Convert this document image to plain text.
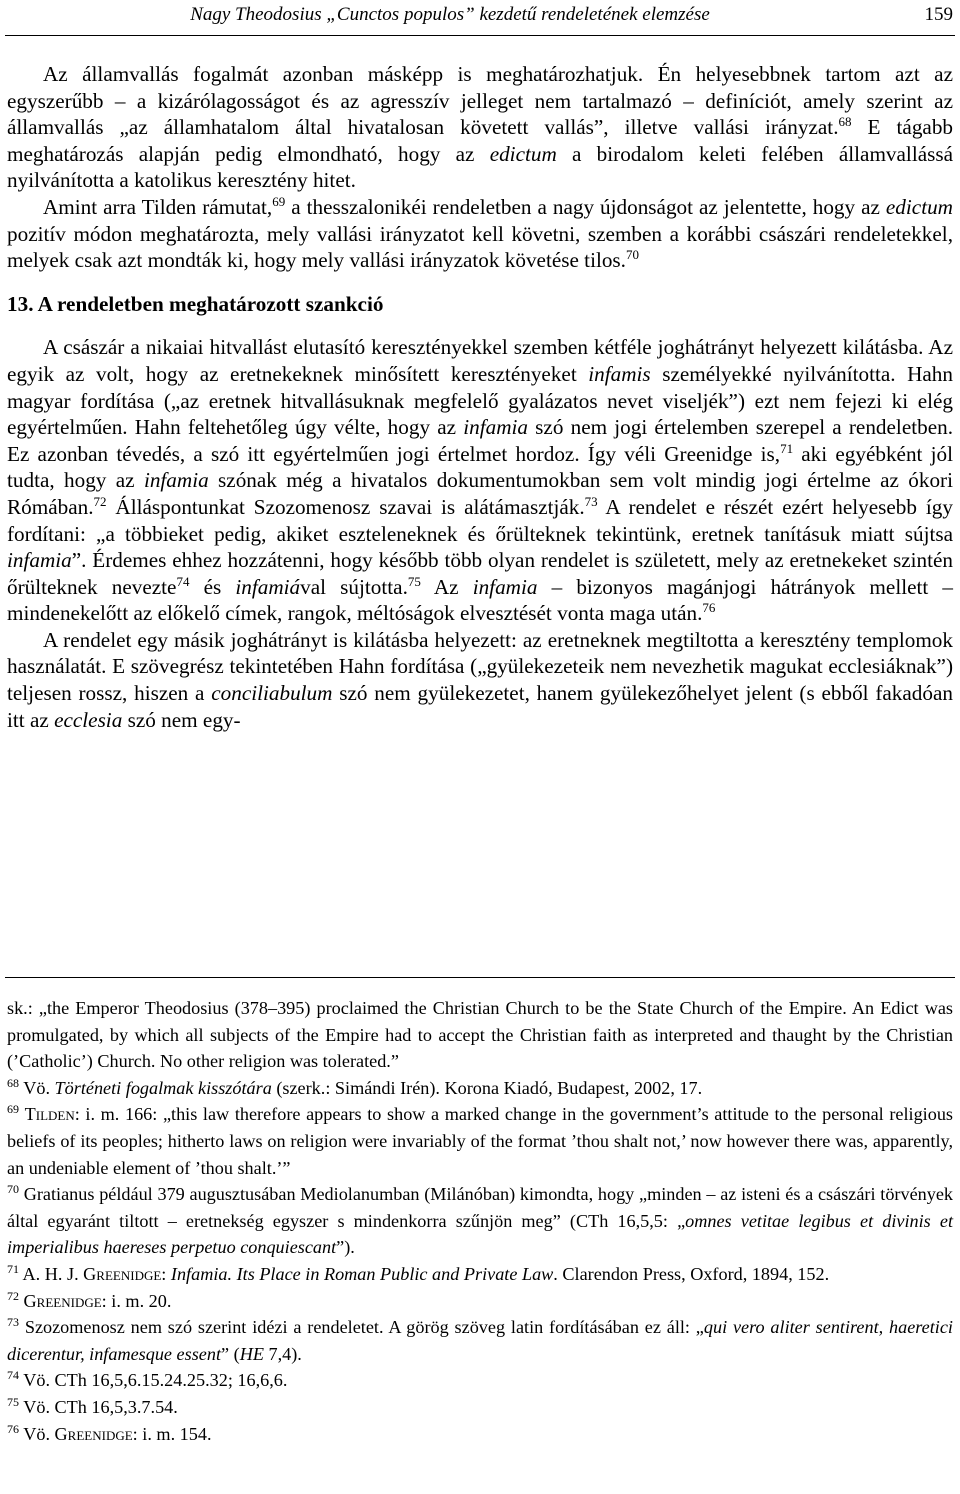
Nagy Theodosius „Cunctos populos” kezdetű rendeletének elemzése	159

Az államvallás fogalmát azonban másképp is meghatározhatjuk. Én helyesebbnek tartom azt az egyszerűbb – a kizárólagosságot és az agresszív jelleget nem tartalmazó – definíciót, amely szerint az államvallás „az államhatalom által hivatalosan követett vallás”, illetve vallási irányzat.$^{68}$ E tágabb meghatározás alapján pedig elmondható, hogy az edictum a birodalom keleti felében államvallássá nyilvánította a katolikus keresztény hitet.

Amint arra Tilden rámutat,$^{69}$ a thesszalonikéi rendeletben a nagy újdonságot az jelentette, hogy az edictum pozitív módon meghatározta, mely vallási irányzatot kell követni, szemben a korábbi császári rendeletekkel, melyek csak azt mondták ki, hogy mely vallási irányzatok követése tilos.$^{70}$

13. A rendeletben meghatározott szankció

A császár a nikaiai hitvallást elutasító keresztényekkel szemben kétféle joghátrányt helyezett kilátásba. Az egyik az volt, hogy az eretnekeknek minősített keresztényeket infamis személyekké nyilvánította. Hahn magyar fordítása („az eretnek hitvallásuknak megfelelő gyalázatos nevet viseljék”) ezt nem fejezi ki elég egyértelműen. Hahn feltehetőleg úgy vélte, hogy az infamia szó nem jogi értelemben szerepel a rendeletben. Ez azonban tévedés, a szó itt egyértelműen jogi értelmet hordoz. Így véli Greenidge is,$^{71}$ aki egyébként jól tudta, hogy az infamia szónak még a hivatalos dokumentumokban sem volt mindig jogi értelme az ókori Rómában.$^{72}$ Álláspontunkat Szozomenosz szavai is alátámasztják.$^{73}$ A rendelet e részét ezért helyesebb így fordítani: „a többieket pedig, akiket eszteleneknek és őrülteknek tekintünk, eretnek tanításuk miatt sújtsa infamia”. Érdemes ehhez hozzátenni, hogy később több olyan rendelet is született, mely az eretnekeket szintén őrülteknek nevezte$^{74}$ és infamiával sújtotta.$^{75}$ Az infamia – bizonyos magánjogi hátrányok mellett – mindenekelőtt az előkelő címek, rangok, méltóságok elvesztését vonta maga után.$^{76}$

A rendelet egy másik joghátrányt is kilátásba helyezett: az eretneknek megtiltotta a keresztény templomok használatát. E szövegrész tekintetében Hahn fordítása („gyülekezeteik nem nevezhetik magukat ecclesiáknak”) teljesen rossz, hiszen a conciliabulum szó nem gyülekezetet, hanem gyülekezőhelyet jelent (s ebből fakadóan itt az ecclesia szó nem egy-

sk.: „the Emperor Theodosius (378–395) proclaimed the Christian Church to be the State Church of the Empire. An Edict was promulgated, by which all subjects of the Empire had to accept the Christian faith as interpreted and thaught by the Christian (’Catholic’) Church. No other religion was tolerated.”

$^{68}$ Vö. Történeti fogalmak kisszótára (szerk.: Simándi Irén). Korona Kiadó, Budapest, 2002, 17.

$^{69}$ Tilden: i. m. 166: „this law therefore appears to show a marked change in the government’s attitude to the personal religious beliefs of its peoples; hitherto laws on religion were invariably of the format ’thou shalt not,’ now however there was, apparently, an undeniable element of ’thou shalt.’”

$^{70}$ Gratianus például 379 augusztusában Mediolanumban (Milánóban) kimondta, hogy „minden – az isteni és a császári törvények által egyaránt tiltott – eretnekség egyszer s mindenkorra szűnjön meg” (CTh 16,5,5: „omnes vetitae legibus et divinis et imperialibus haereses perpetuo conquiescant”).

$^{71}$ A. H. J. Greenidge: Infamia. Its Place in Roman Public and Private Law. Clarendon Press, Oxford, 1894, 152.

$^{72}$ Greenidge: i. m. 20.

$^{73}$ Szozomenosz nem szó szerint idézi a rendeletet. A görög szöveg latin fordításában ez áll: „qui vero aliter sentirent, haeretici dicerentur, infamesque essent” (HE 7,4).

$^{74}$ Vö. CTh 16,5,6.15.24.25.32; 16,6,6.

$^{75}$ Vö. CTh 16,5,3.7.54.

$^{76}$ Vö. Greenidge: i. m. 154.
